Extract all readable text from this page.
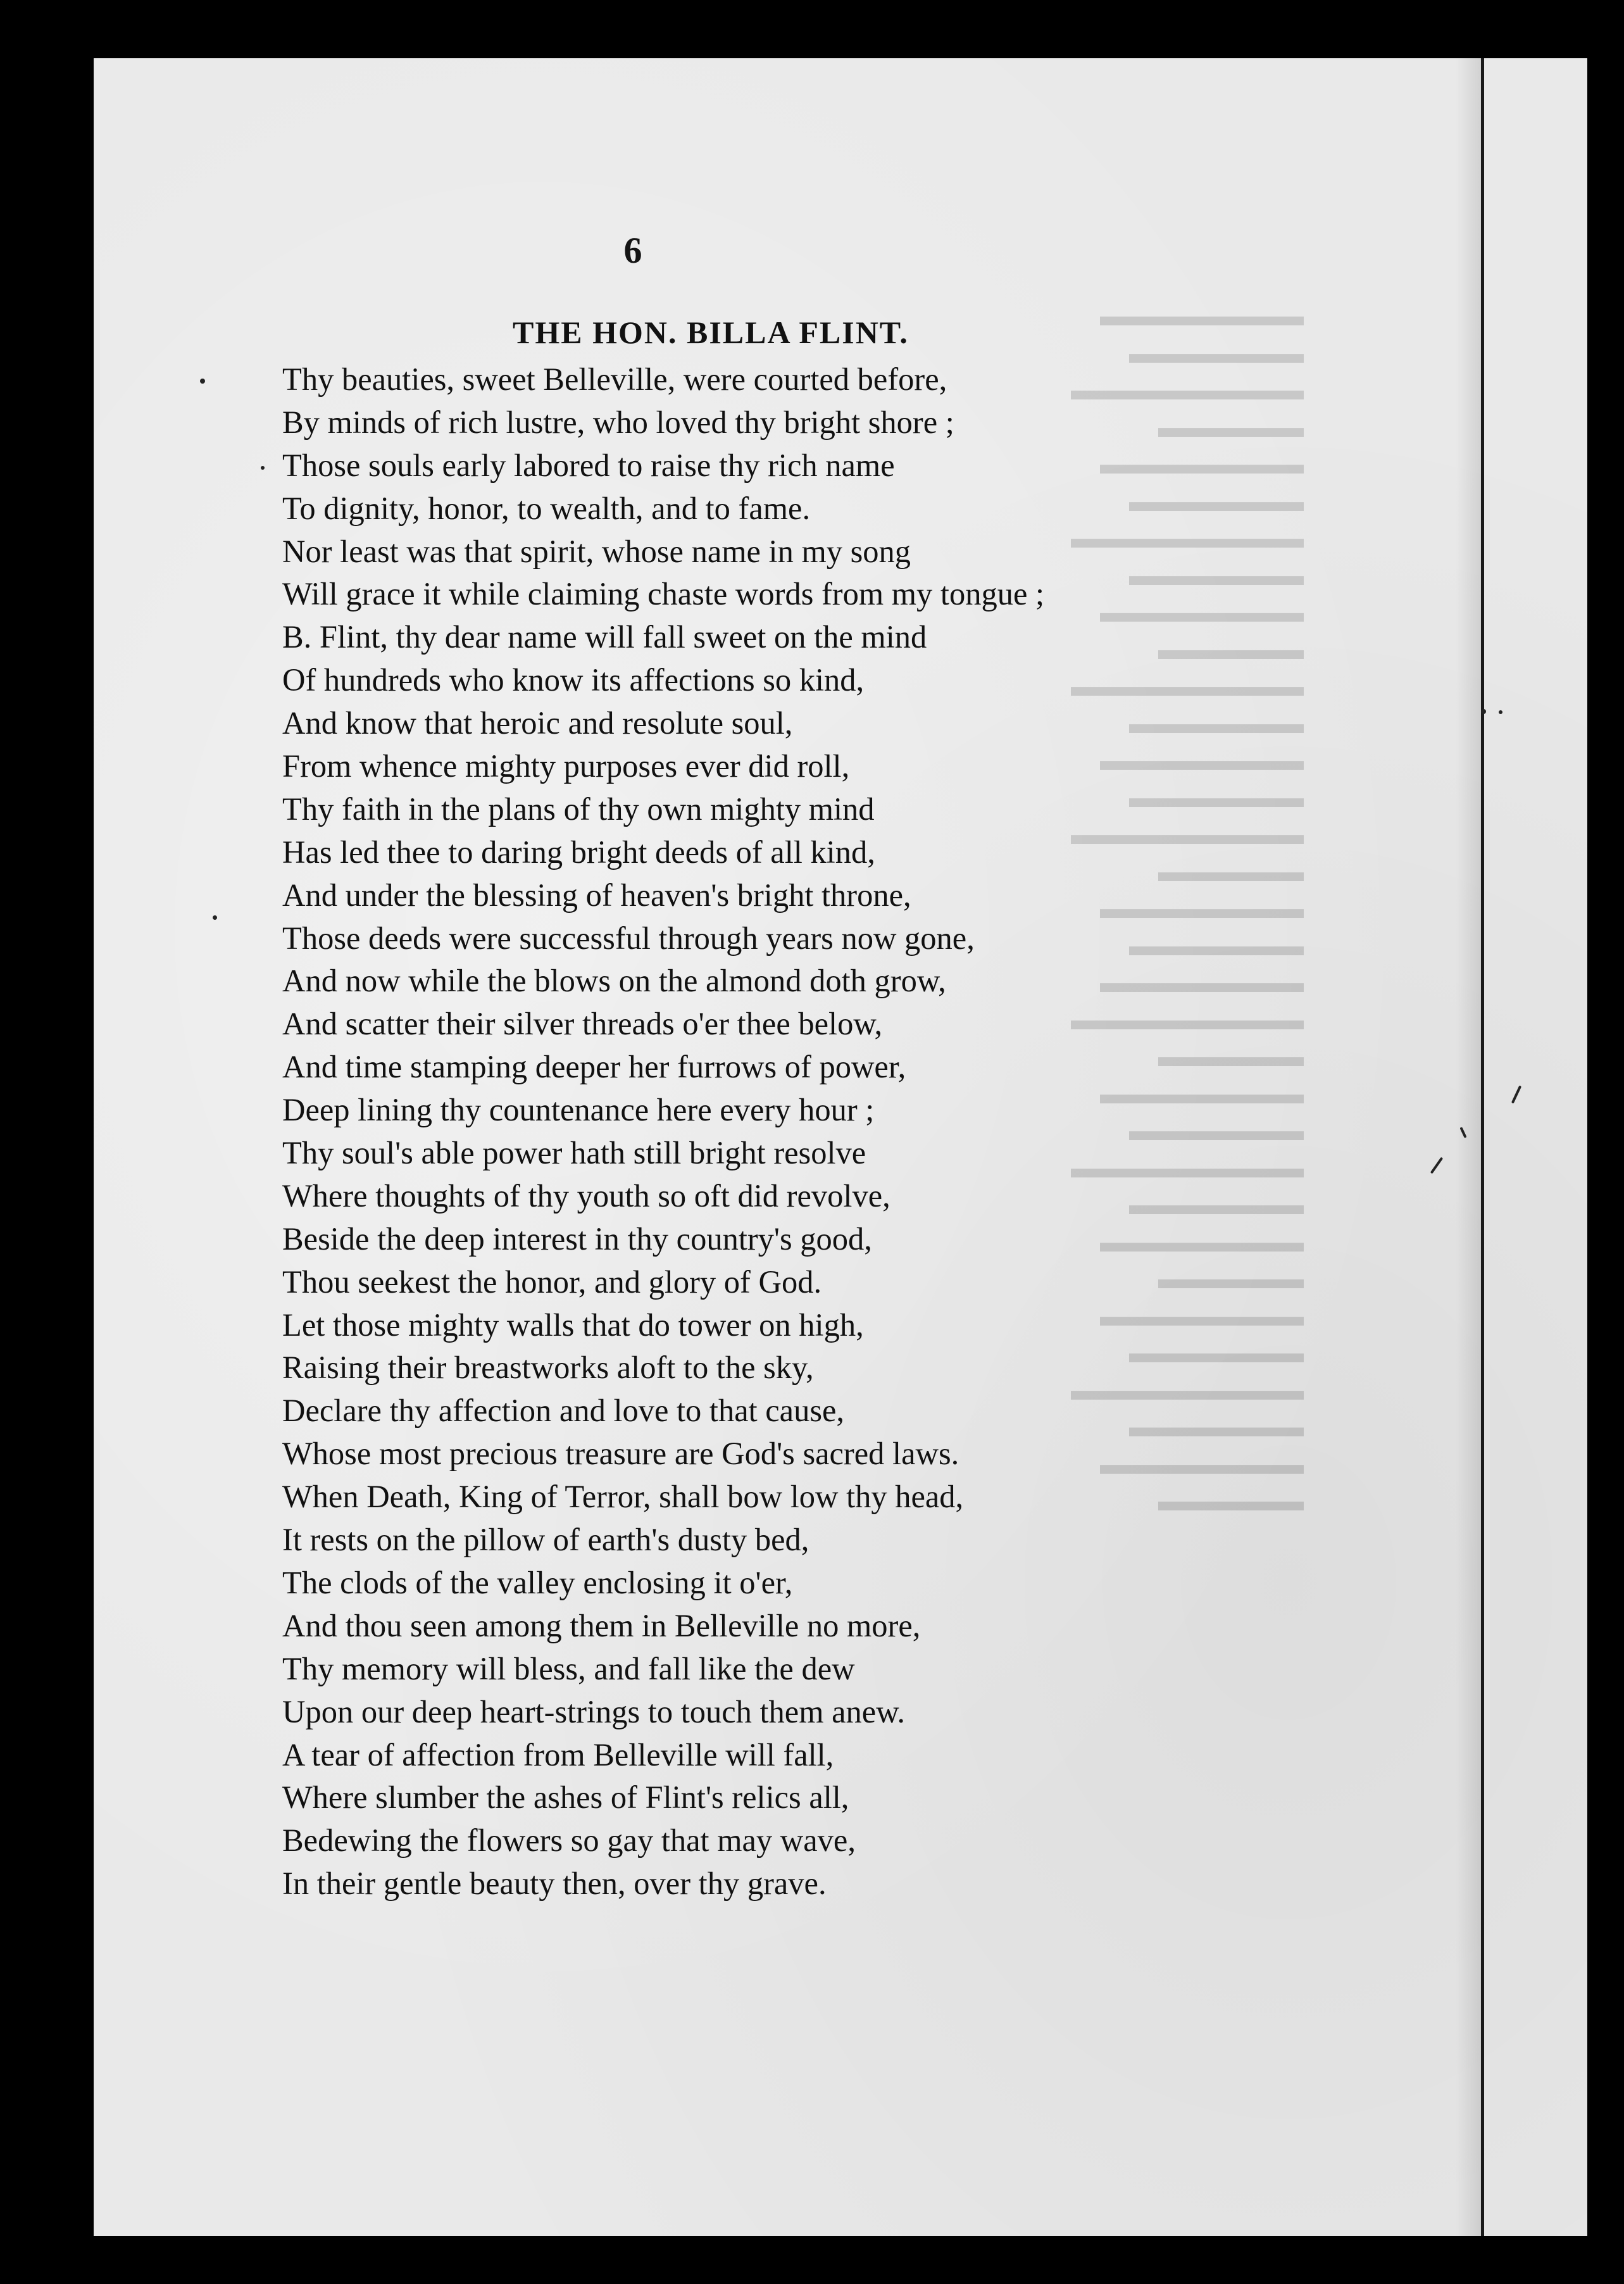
▬▬▬▬▬▬▬
▬▬▬▬▬▬
▬▬▬▬▬▬▬▬
▬▬▬▬▬
▬▬▬▬▬▬▬
▬▬▬▬▬▬
▬▬▬▬▬▬▬▬
▬▬▬▬▬▬
▬▬▬▬▬▬▬
▬▬▬▬▬
▬▬▬▬▬▬▬▬
▬▬▬▬▬▬
▬▬▬▬▬▬▬
▬▬▬▬▬▬
▬▬▬▬▬▬▬▬
▬▬▬▬▬
▬▬▬▬▬▬▬
▬▬▬▬▬▬
▬▬▬▬▬▬▬
▬▬▬▬▬▬▬▬
▬▬▬▬▬
▬▬▬▬▬▬▬
▬▬▬▬▬▬
▬▬▬▬▬▬▬▬
▬▬▬▬▬▬
▬▬▬▬▬▬▬
▬▬▬▬▬
▬▬▬▬▬▬▬
▬▬▬▬▬▬
▬▬▬▬▬▬▬▬
▬▬▬▬▬▬
▬▬▬▬▬▬▬
▬▬▬▬▬
6
THE HON. BILLA FLINT.
Thy beauties, sweet Belleville, were courted before,
By minds of rich lustre, who loved thy bright shore ;
Those souls early labored to raise thy rich name
To dignity, honor, to wealth, and to fame.
Nor least was that spirit, whose name in my song
Will grace it while claiming chaste words from my tongue ;
B. Flint, thy dear name will fall sweet on the mind
Of hundreds who know its affections so kind,
And know that heroic and resolute soul,
From whence mighty purposes ever did roll,
Thy faith in the plans of thy own mighty mind
Has led thee to daring bright deeds of all kind,
And under the blessing of heaven's bright throne,
Those deeds were successful through years now gone,
And now while the blows on the almond doth grow,
And scatter their silver threads o'er thee below,
And time stamping deeper her furrows of power,
Deep lining thy countenance here every hour ;
Thy soul's able power hath still bright resolve
Where thoughts of thy youth so oft did revolve,
Beside the deep interest in thy country's good,
Thou seekest the honor, and glory of God.
Let those mighty walls that do tower on high,
Raising their breastworks aloft to the sky,
Declare thy affection and love to that cause,
Whose most precious treasure are God's sacred laws.
When Death, King of Terror, shall bow low thy head,
It rests on the pillow of earth's dusty bed,
The clods of the valley enclosing it o'er,
And thou seen among them in Belleville no more,
Thy memory will bless, and fall like the dew
Upon our deep heart-strings to touch them anew.
A tear of affection from Belleville will fall,
Where slumber the ashes of Flint's relics all,
Bedewing the flowers so gay that may wave,
In their gentle beauty then, over thy grave.
